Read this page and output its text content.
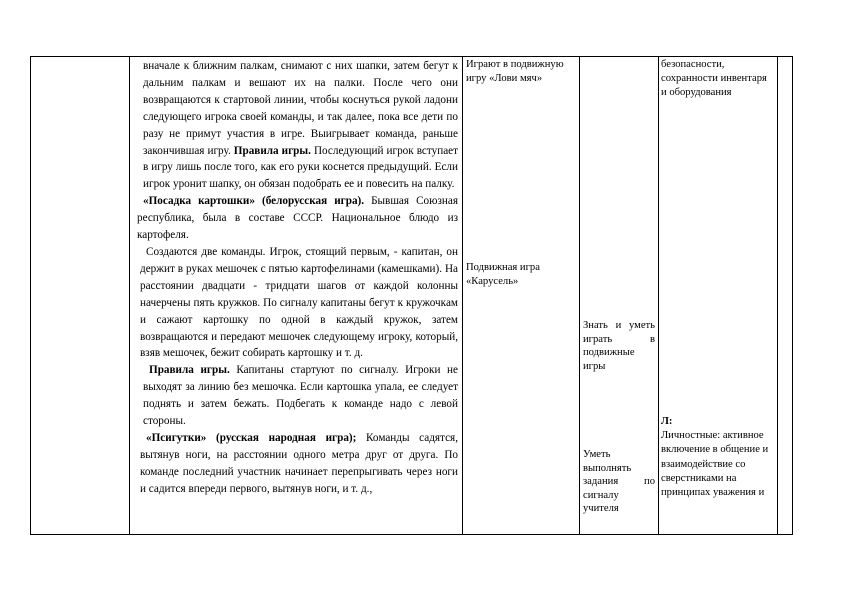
вначале к ближним палкам, снимают с них шапки, затем бегут к дальним палкам и вешают их на палки. После чего они возвращаются к стартовой линии, чтобы коснуться рукой ладони следующего игрока своей команды, и так далее, пока все дети по разу не примут участия в игре. Выигрывает команда, раньше закончившая игру. Правила игры. Последующий игрок вступает в игру лишь после того, как его руки коснется предыдущий. Если игрок уронит шапку, он обязан подобрать ее и повесить на палку.

«Посадка картошки» (белорусская игра). Бывшая Союзная республика, была в составе СССР. Национальное блюдо из картофеля.

Создаются две команды. Игрок, стоящий первым, - капитан, он держит в руках мешочек с пятью картофелинами (камешками). На расстоянии двадцати - тридцати шагов от каждой колонны начерчены пять кружков. По сигналу капитаны бегут к кружочкам и сажают картошку по одной в каждый кружок, затем возвращаются и передают мешочек следующему игроку, который, взяв мешочек, бежит собирать картошку и т. д.

Правила игры. Капитаны стартуют по сигналу. Игроки не выходят за линию без мешочка. Если картошка упала, ее следует поднять и затем бежать. Подбегать к команде надо с левой стороны.

«Псигутки» (русская народная игра); Команды садятся, вытянув ноги, на расстоянии одного метра друг от друга. По команде последний участник начинает перепрыгивать через ноги и садится впереди первого, вытянув ноги, и т. д.,

Играют в подвижную игру «Лови мяч»
Подвижная игра «Карусель»
Знать и уметь играть в подвижные игры
Уметь выполнять задания по сигналу учителя
безопасности, сохранности инвентаря и оборудования
Л:
Личностные: активное включение в общение и взаимодействие со сверстниками на принципах уважения и
